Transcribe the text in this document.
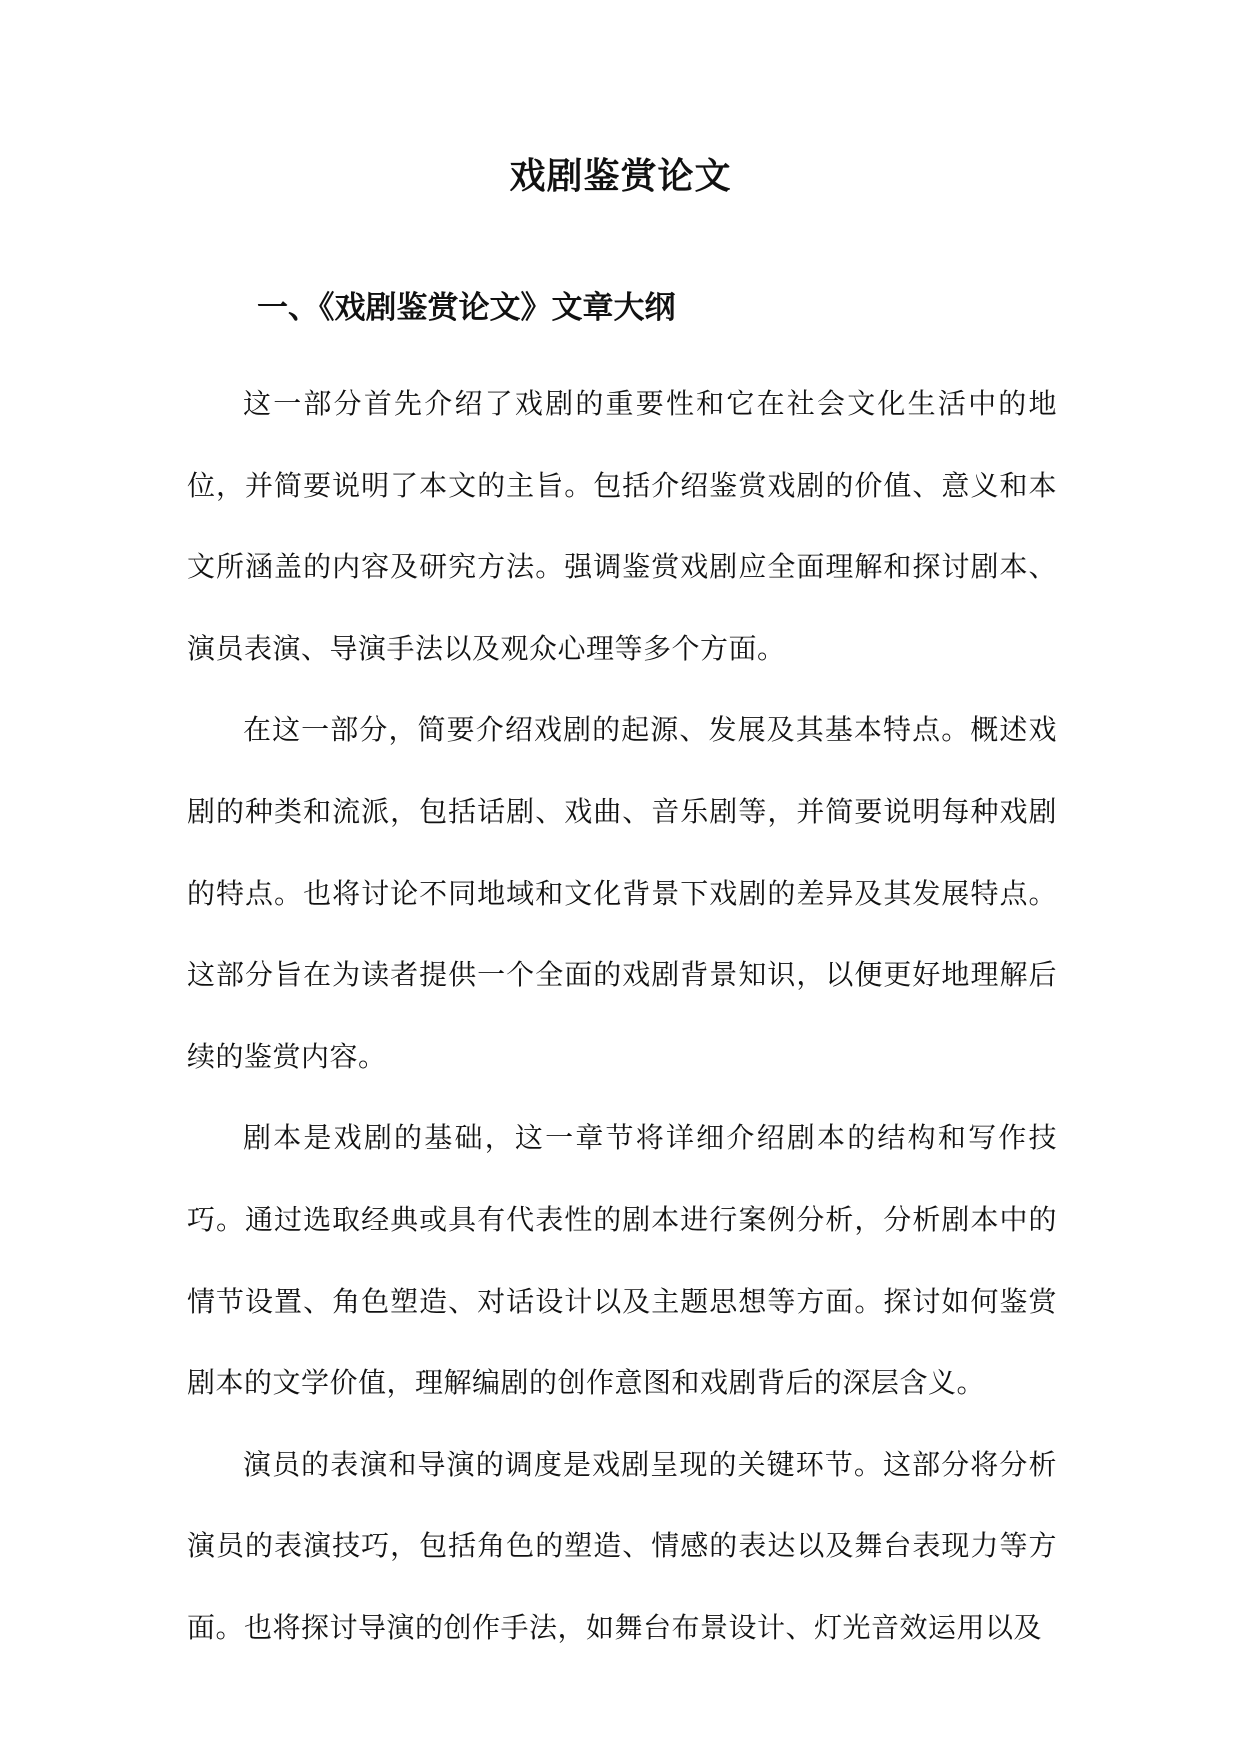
戏剧鉴赏论文
一、《戏剧鉴赏论文》文章大纲

这一部分首先介绍了戏剧的重要性和它在社会文化生活中的地位，并简要说明了本文的主旨。包括介绍鉴赏戏剧的价值、意义和本文所涵盖的内容及研究方法。强调鉴赏戏剧应全面理解和探讨剧本、演员表演、导演手法以及观众心理等多个方面。

在这一部分，简要介绍戏剧的起源、发展及其基本特点。概述戏剧的种类和流派，包括话剧、戏曲、音乐剧等，并简要说明每种戏剧的特点。也将讨论不同地域和文化背景下戏剧的差异及其发展特点。这部分旨在为读者提供一个全面的戏剧背景知识，以便更好地理解后续的鉴赏内容。

剧本是戏剧的基础，这一章节将详细介绍剧本的结构和写作技巧。通过选取经典或具有代表性的剧本进行案例分析，分析剧本中的情节设置、角色塑造、对话设计以及主题思想等方面。探讨如何鉴赏剧本的文学价值，理解编剧的创作意图和戏剧背后的深层含义。

演员的表演和导演的调度是戏剧呈现的关键环节。这部分将分析演员的表演技巧，包括角色的塑造、情感的表达以及舞台表现力等方面。也将探讨导演的创作手法，如舞台布景设计、灯光音效运用以及
